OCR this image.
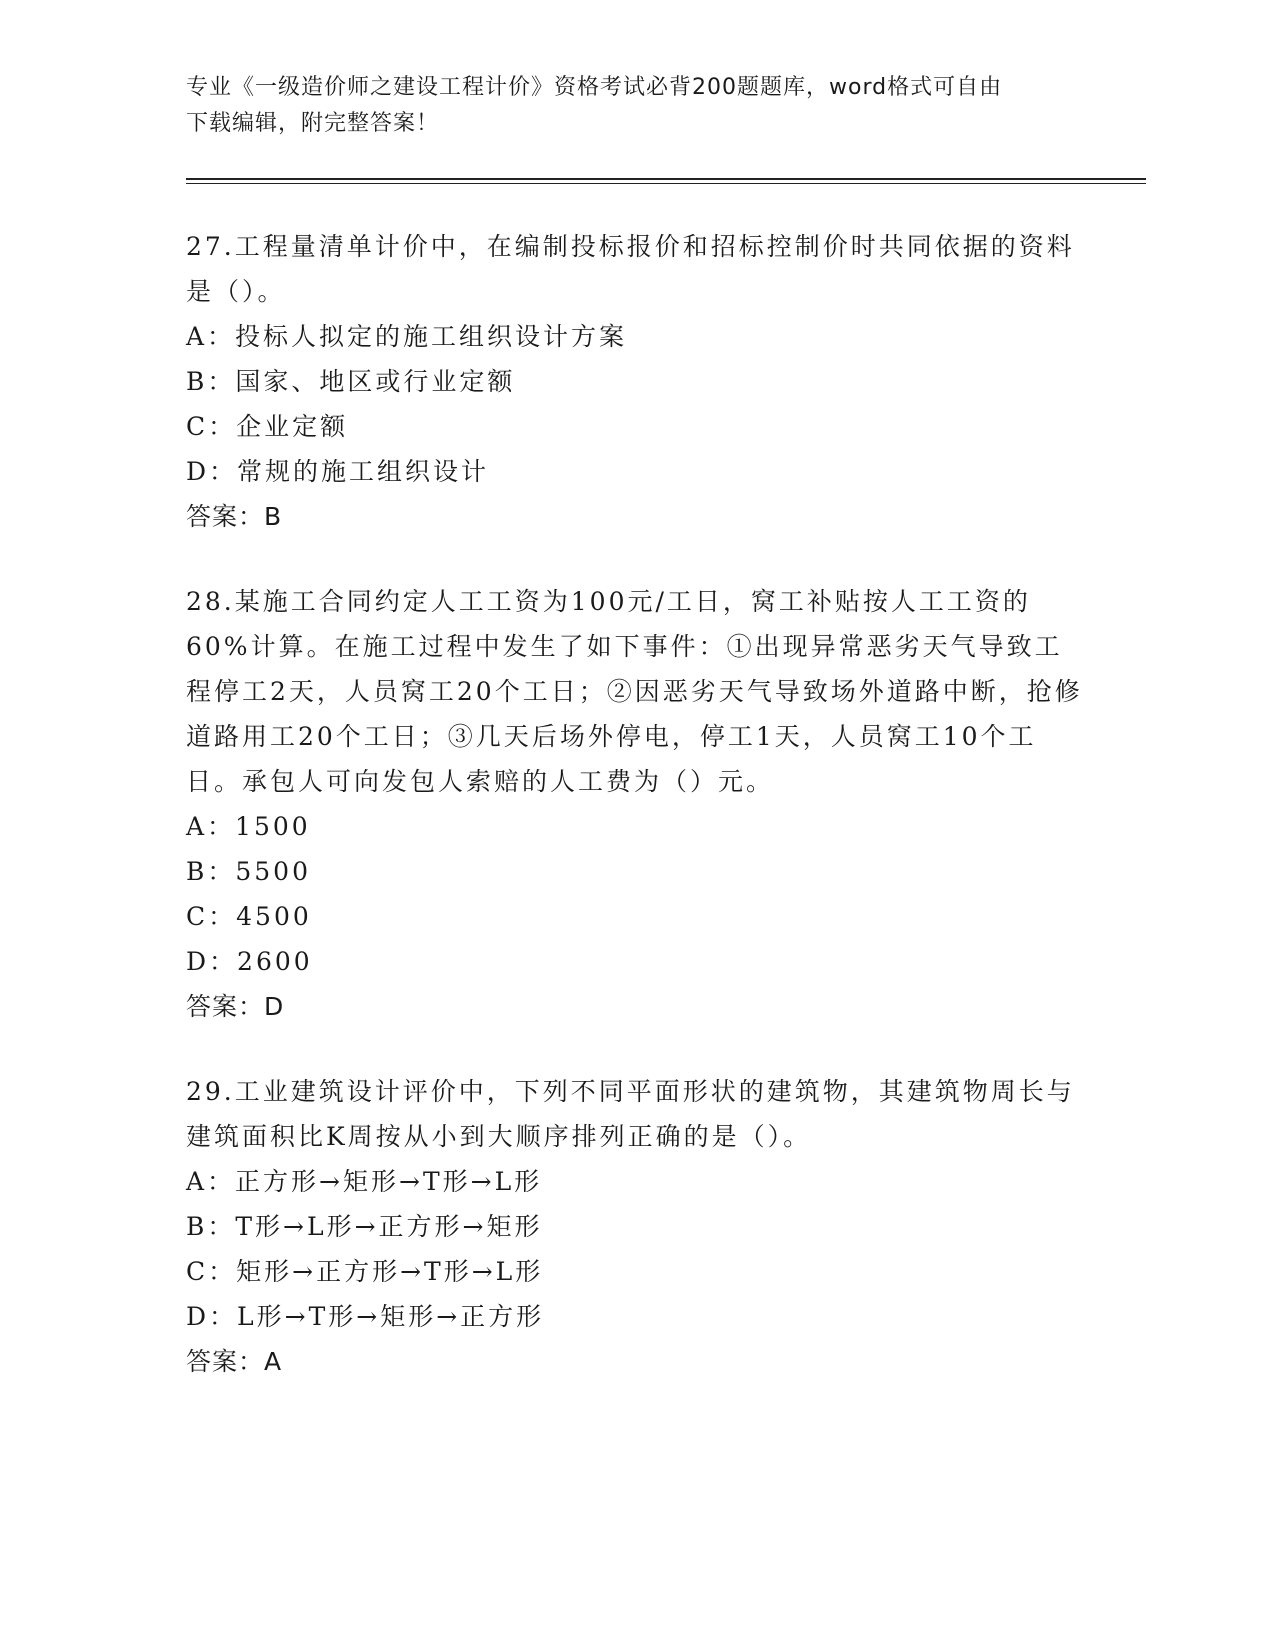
专业《一级造价师之建设工程计价》资格考试必背200题题库，word格式可自由
下载编辑，附完整答案！
27.工程量清单计价中，在编制投标报价和招标控制价时共同依据的资料是（）。
A：投标人拟定的施工组织设计方案
B：国家、地区或行业定额
C：企业定额
D：常规的施工组织设计
答案：B
28.某施工合同约定人工工资为100元/工日，窝工补贴按人工工资的60%计算。在施工过程中发生了如下事件：①出现异常恶劣天气导致工程停工2天，人员窝工20个工日；②因恶劣天气导致场外道路中断，抢修道路用工20个工日；③几天后场外停电，停工1天，人员窝工10个工日。承包人可向发包人索赔的人工费为（）元。
A：1500
B：5500
C：4500
D：2600
答案：D
29.工业建筑设计评价中，下列不同平面形状的建筑物，其建筑物周长与建筑面积比K周按从小到大顺序排列正确的是（）。
A：正方形→矩形→T形→L形
B：T形→L形→正方形→矩形
C：矩形→正方形→T形→L形
D：L形→T形→矩形→正方形
答案：A
